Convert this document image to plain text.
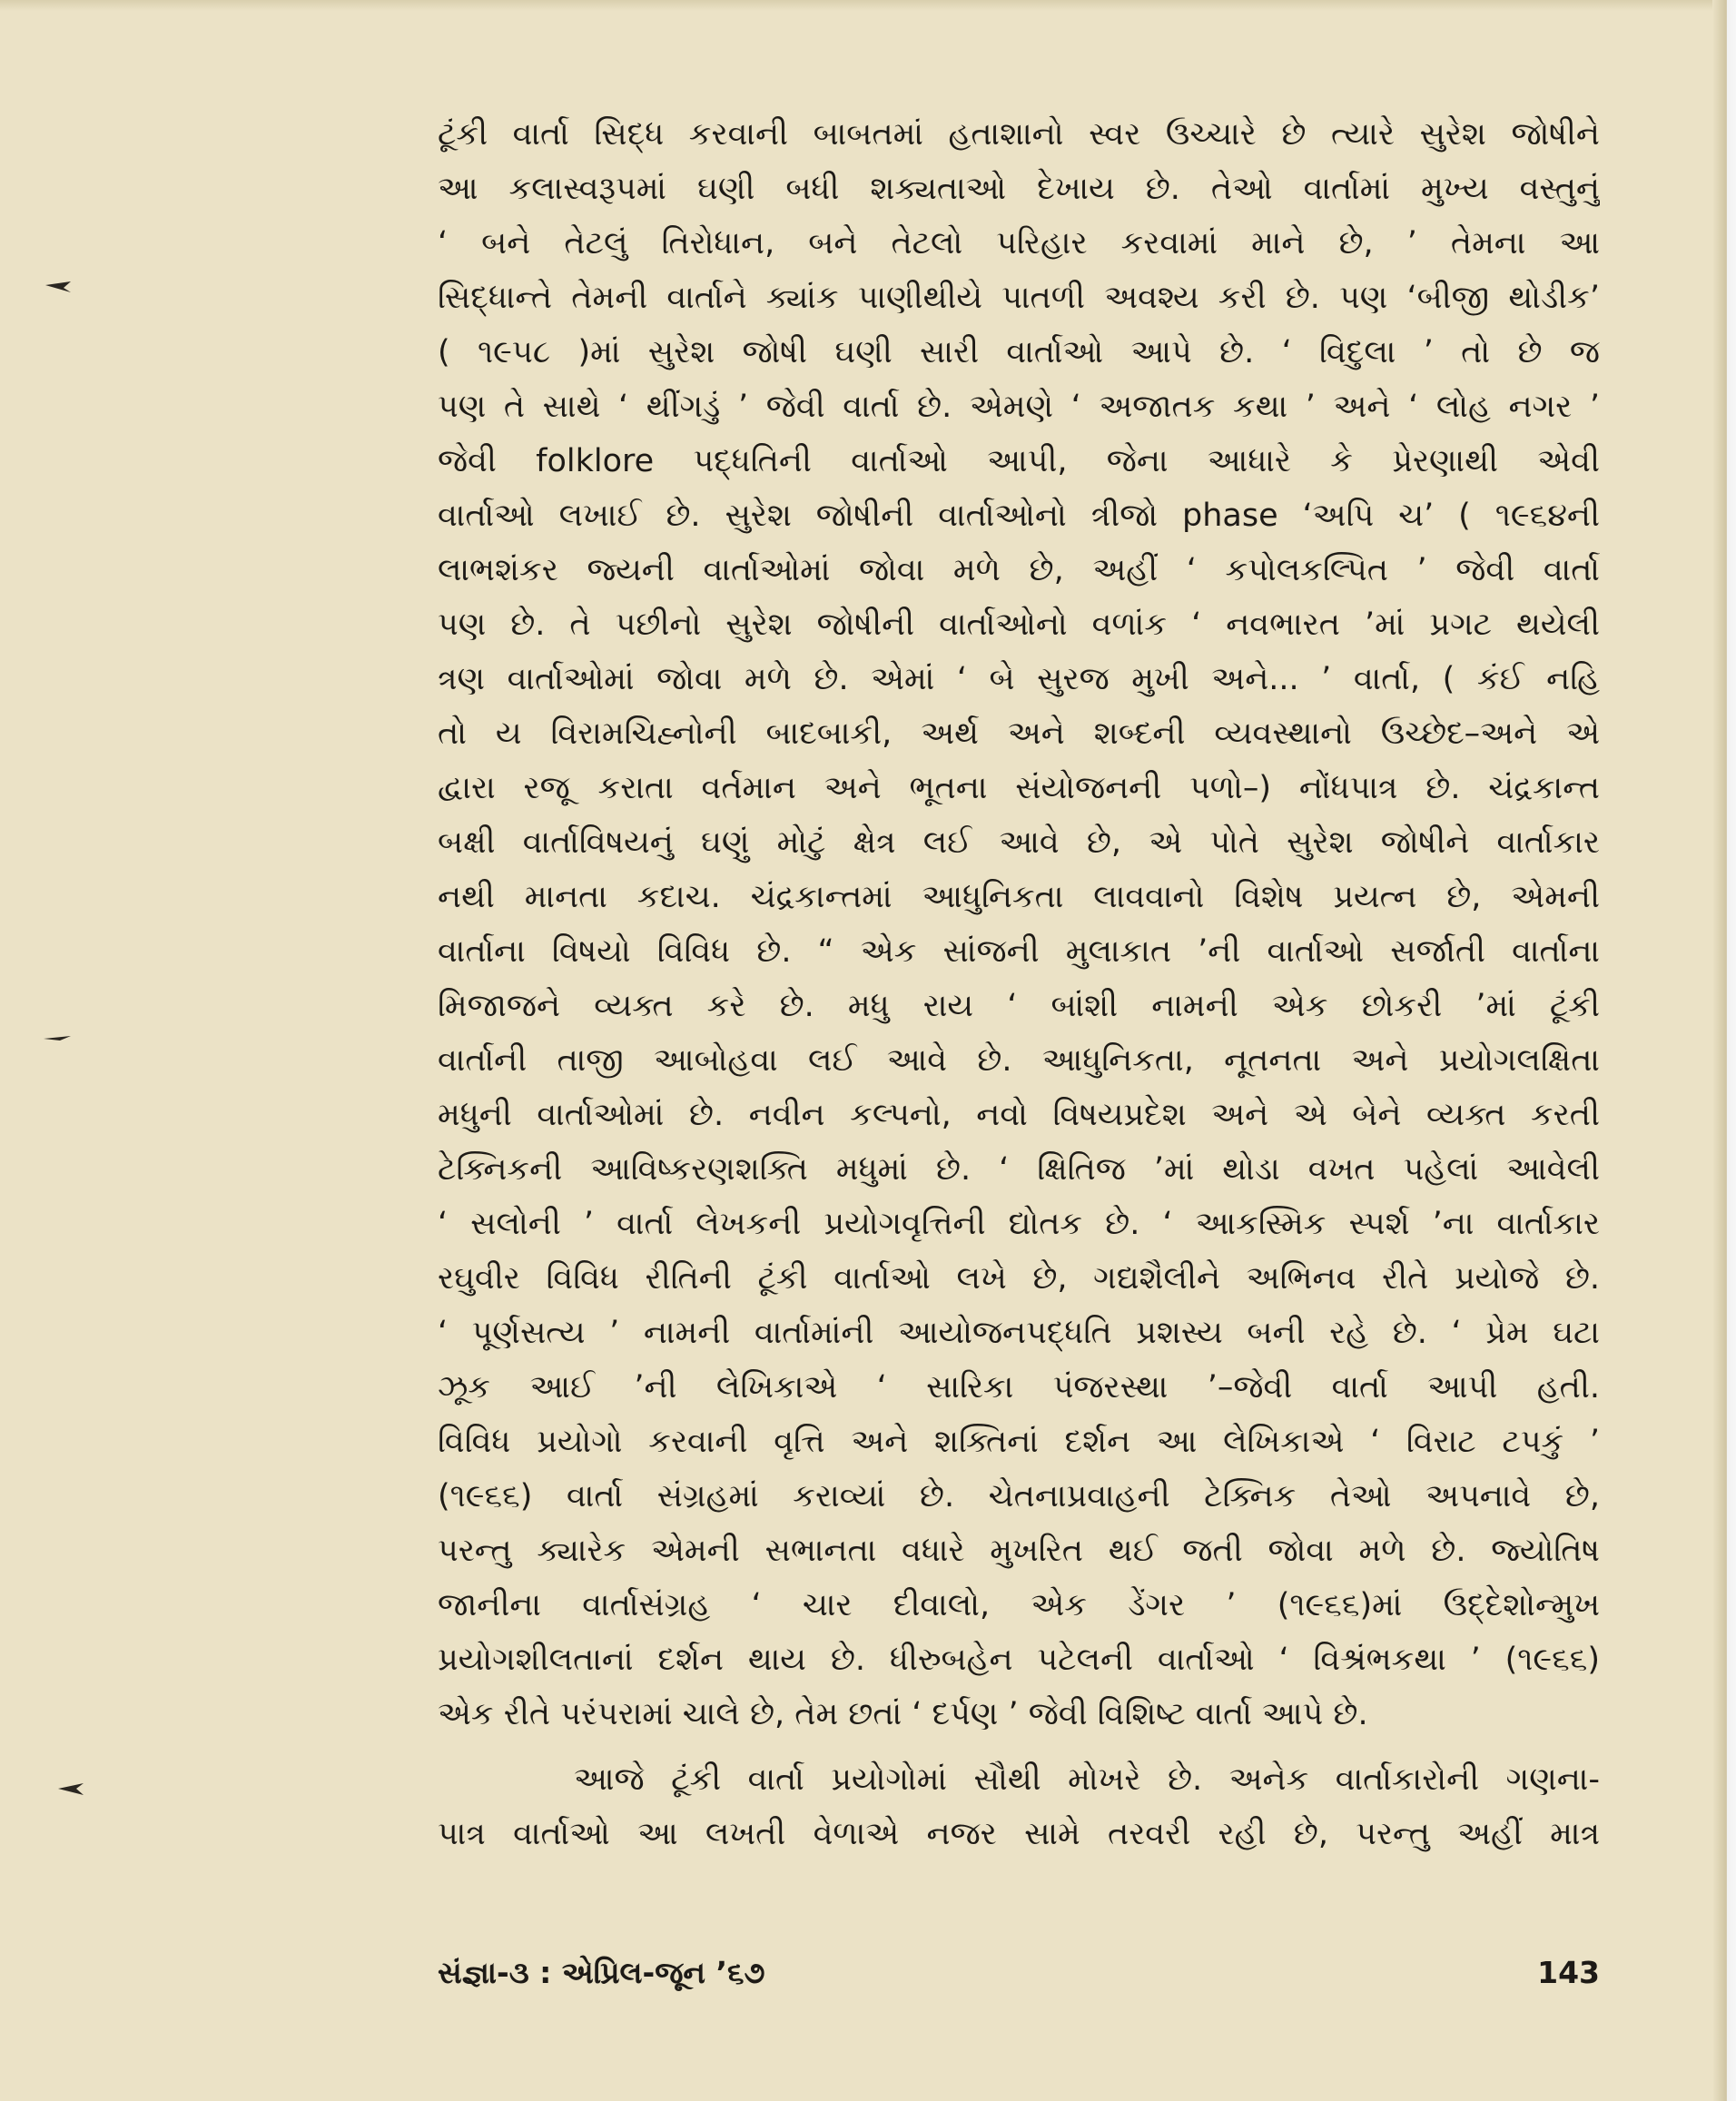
ટૂંકી વાર્તા સિદ્ધ કરવાની બાબતમાં હતાશાનો સ્વર ઉચ્ચારે છે ત્યારે સુરેશ જોષીને
આ કલાસ્વરૂપમાં ઘણી બધી શક્યતાઓ દેખાય છે. તેઓ વાર્તામાં મુખ્ય વસ્તુનું
‘ બને તેટલું તિરોધાન, બને તેટલો પરિહાર કરવામાં માને છે, ’ તેમના આ
સિદ્ધાન્તે તેમની વાર્તાને ક્યાંક પાણીથીયે પાતળી અવશ્ય કરી છે. પણ ‘બીજી થોડીક’
( ૧૯૫૮ )માં સુરેશ જોષી ઘણી સારી વાર્તાઓ આપે છે. ‘ વિદુલા ’ તો છે જ
પણ તે સાથે ‘ થીંગડું ’ જેવી વાર્તા છે. એમણે ‘ અજાતક કથા ’ અને ‘ લોહ નગર ’
જેવી folklore પદ્ધતિની વાર્તાઓ આપી, જેના આધારે કે પ્રેરણાથી એવી
વાર્તાઓ લખાઈ છે. સુરેશ જોષીની વાર્તાઓનો ત્રીજો phase ‘અપિ ચ’ ( ૧૯૬૪ની
લાભશંકર જ્યની વાર્તાઓમાં જોવા મળે છે, અહીં ‘ કપોલકલ્પિત ’ જેવી વાર્તા
પણ છે. તે પછીનો સુરેશ જોષીની વાર્તાઓનો વળાંક ‘ નવભારત ’માં પ્રગટ થયેલી
ત્રણ વાર્તાઓમાં જોવા મળે છે. એમાં ‘ બે સુરજ મુખી અને... ’ વાર્તા, ( કંઈ નહિ
તો ય વિરામચિહ્નોની બાદબાકી, અર્થ અને શબ્દની વ્યવસ્થાનો ઉચ્છેદ–અને એ
દ્વારા રજૂ કરાતા વર્તમાન અને ભૂતના સંયોજનની પળો–) નોંધપાત્ર છે. ચંદ્રકાન્ત
બક્ષી વાર્તાવિષયનું ઘણું મોટું ક્ષેત્ર લઈ આવે છે, એ પોતે સુરેશ જોષીને વાર્તાકાર
નથી માનતા કદાચ. ચંદ્રકાન્તમાં આધુનિકતા લાવવાનો વિશેષ પ્રયત્ન છે, એમની
વાર્તાના વિષયો વિવિધ છે. “ એક સાંજની મુલાકાત ’ની વાર્તાઓ સર્જાતી વાર્તાના
મિજાજને વ્યક્ત કરે છે. મધુ રાય ‘ બાંશી નામની એક છોકરી ’માં ટૂંકી
વાર્તાની તાજી આબોહવા લઈ આવે છે. આધુનિકતા, નૂતનતા અને પ્રયોગલક્ષિતા
મધુની વાર્તાઓમાં છે. નવીન કલ્પનો, નવો વિષયપ્રદેશ અને એ બેને વ્યક્ત કરતી
ટેક્નિકની આવિષ્કરણશક્તિ મધુમાં છે. ‘ ક્ષિતિજ ’માં થોડા વખત પહેલાં આવેલી
‘ સલોની ’ વાર્તા લેખકની પ્રયોગવૃત્તિની દ્યોતક છે. ‘ આકસ્મિક સ્પર્શ ’ના વાર્તાકાર
રઘુવીર વિવિધ રીતિની ટૂંકી વાર્તાઓ લખે છે, ગદ્યશૈલીને અભિનવ રીતે પ્રયોજે છે.
‘ પૂર્ણસત્ય ’ નામની વાર્તામાંની આયોજનપદ્ધતિ પ્રશસ્ય બની રહે છે. ‘ પ્રેમ ઘટા
ઝૂક આઈ ’ની લેખિકાએ ‘ સારિકા પંજરસ્થા ’–જેવી વાર્તા આપી હતી.
વિવિધ પ્રયોગો કરવાની વૃત્તિ અને શક્તિનાં દર્શન આ લેખિકાએ ‘ વિરાટ ટપકું ’
(૧૯૬૬) વાર્તા સંગ્રહમાં કરાવ્યાં છે. ચેતનાપ્રવાહની ટેક્નિક તેઓ અપનાવે છે,
પરન્તુ ક્યારેક એમની સભાનતા વધારે મુખરિત થઈ જતી જોવા મળે છે. જ્યોતિષ
જાનીના વાર્તાસંગ્રહ ‘ ચાર દીવાલો, એક ડેંગર ’ (૧૯૬૬)માં ઉદ્દેશોન્મુખ
પ્રયોગશીલતાનાં દર્શન થાય છે. ધીરુબહેન પટેલની વાર્તાઓ ‘ વિશ્રંભકથા ’ (૧૯૬૬)
એક રીતે પરંપરામાં ચાલે છે, તેમ છતાં ‘ દર્પણ ’ જેવી વિશિષ્ટ વાર્તા આપે છે.
આજે ટૂંકી વાર્તા પ્રયોગોમાં સૌથી મોખરે છે. અનેક વાર્તાકારોની ગણના-
પાત્ર વાર્તાઓ આ લખતી વેળાએ નજર સામે તરવરી રહી છે, પરન્તુ અહીં માત્ર
સંજ્ઞા-૩ : એપ્રિલ-જૂન ’૬૭	143
